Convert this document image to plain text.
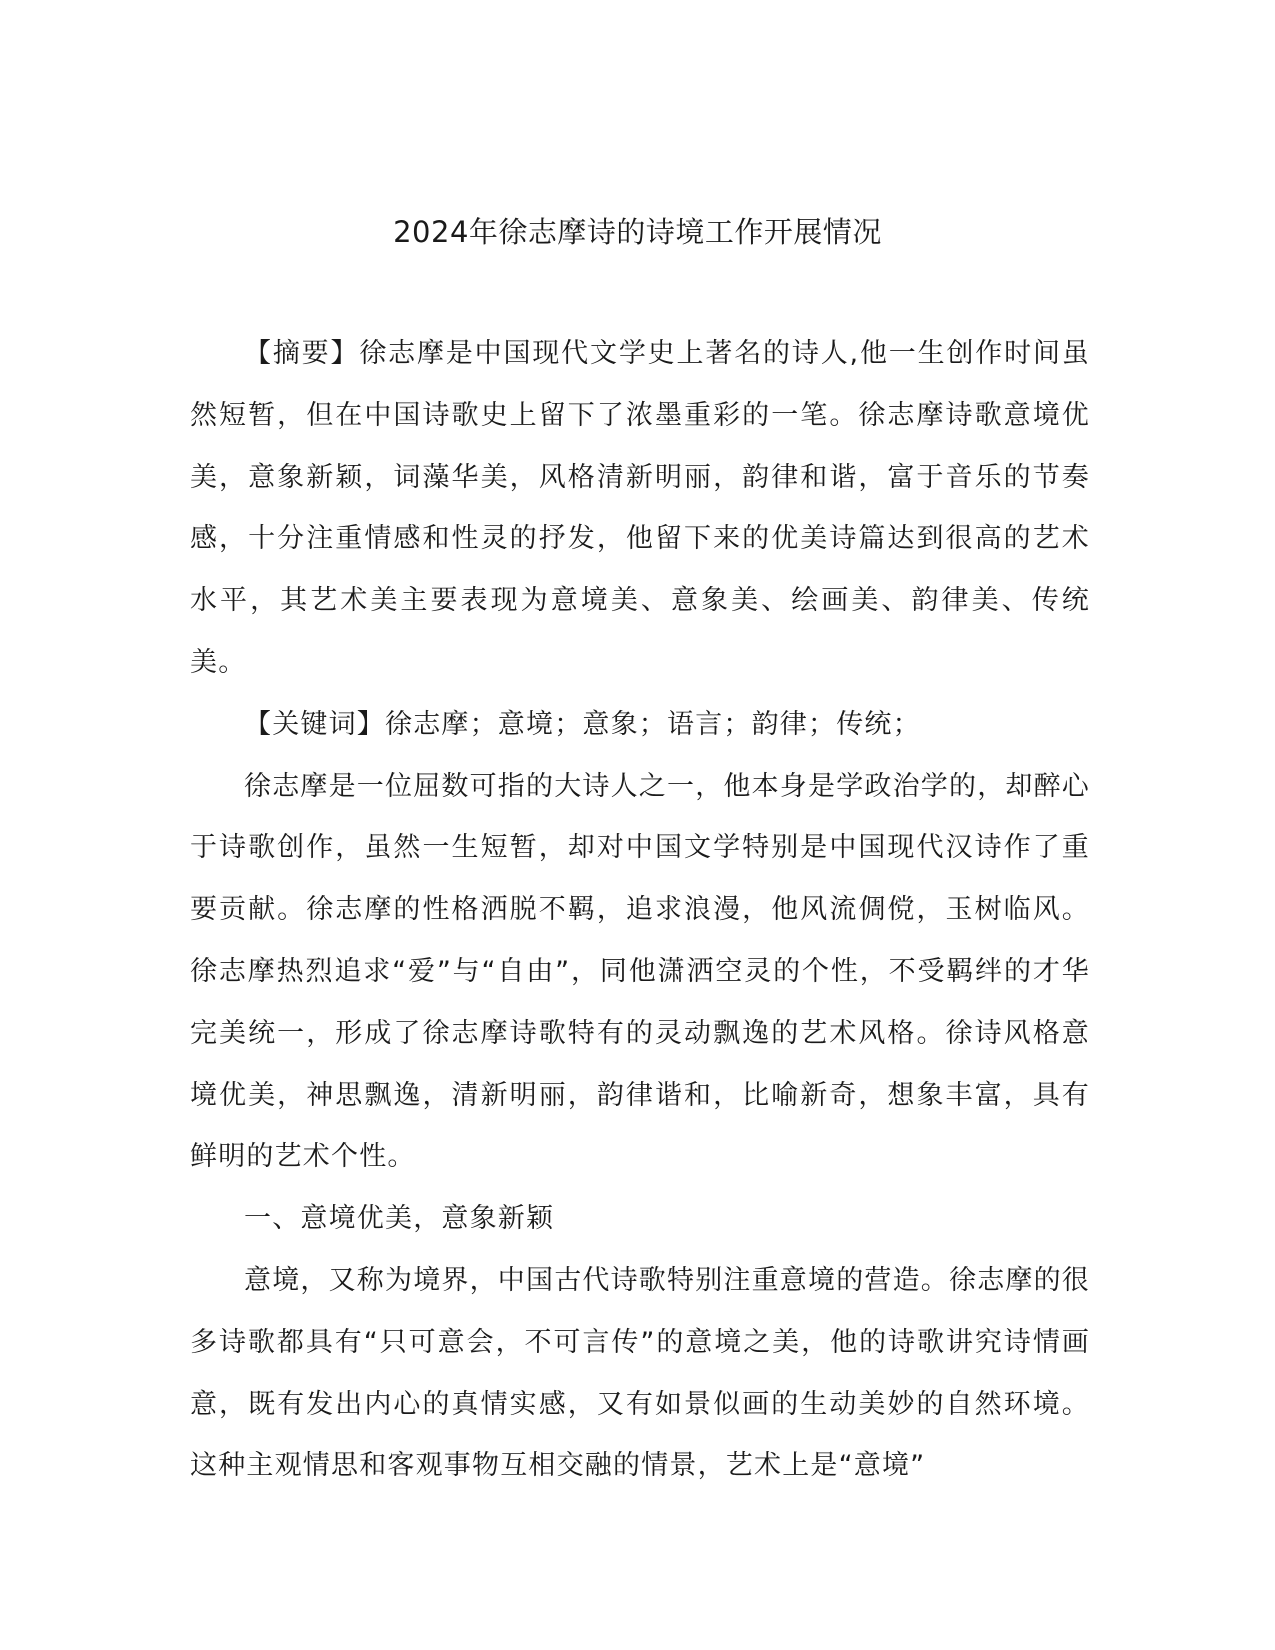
2024年徐志摩诗的诗境工作开展情况

【摘要】徐志摩是中国现代文学史上著名的诗人,他一生创作时间虽然短暂，但在中国诗歌史上留下了浓墨重彩的一笔。徐志摩诗歌意境优美，意象新颖，词藻华美，风格清新明丽，韵律和谐，富于音乐的节奏感，十分注重情感和性灵的抒发，他留下来的优美诗篇达到很高的艺术水平，其艺术美主要表现为意境美、意象美、绘画美、韵律美、传统美。

【关键词】徐志摩；意境；意象；语言；韵律；传统；

徐志摩是一位屈数可指的大诗人之一，他本身是学政治学的，却醉心于诗歌创作，虽然一生短暂，却对中国文学特别是中国现代汉诗作了重要贡献。徐志摩的性格洒脱不羁，追求浪漫，他风流倜傥，玉树临风。徐志摩热烈追求“爱”与“自由”，同他潇洒空灵的个性，不受羁绊的才华完美统一，形成了徐志摩诗歌特有的灵动飘逸的艺术风格。徐诗风格意境优美，神思飘逸，清新明丽，韵律谐和，比喻新奇，想象丰富，具有鲜明的艺术个性。

一、意境优美，意象新颖

意境，又称为境界，中国古代诗歌特别注重意境的营造。徐志摩的很多诗歌都具有“只可意会，不可言传”的意境之美，他的诗歌讲究诗情画意，既有发出内心的真情实感，又有如景似画的生动美妙的自然环境。这种主观情思和客观事物互相交融的情景，艺术上是“意境”
